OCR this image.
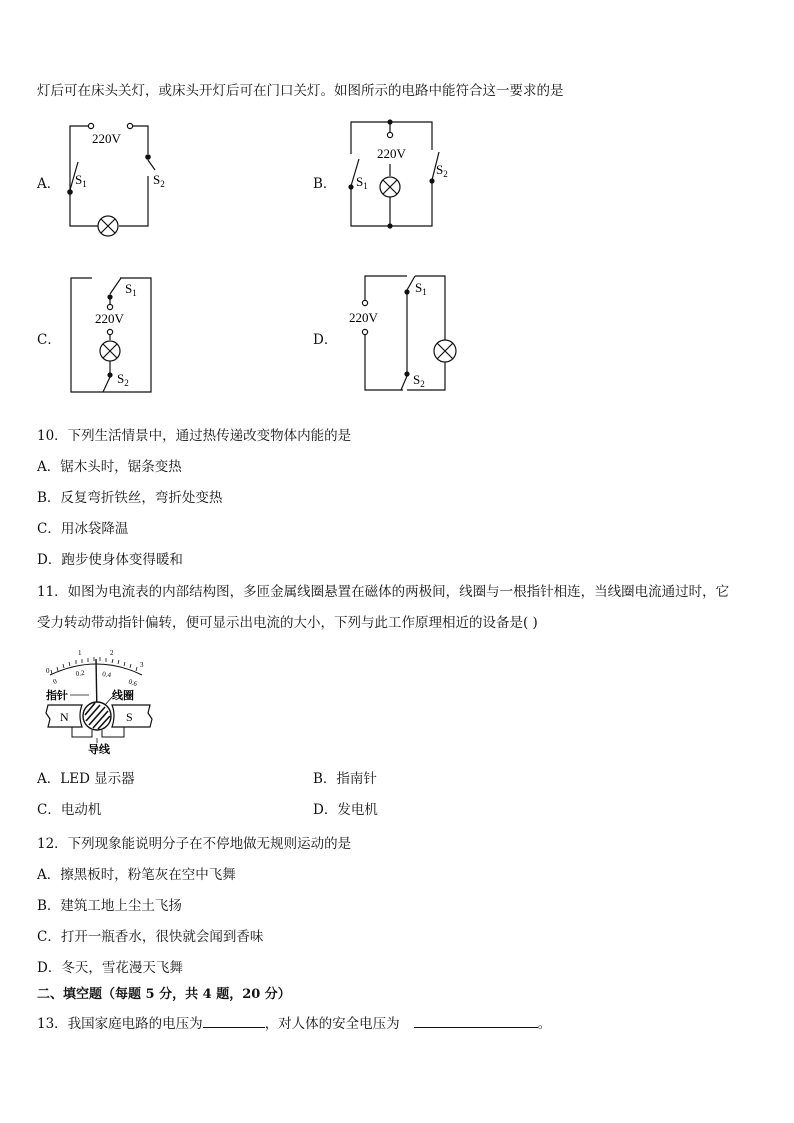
灯后可在床头关灯，或床头开灯后可在门口关灯。如图所示的电路中能符合这一要求的是
A．
220V
$S_1$	$S_2$	B．
220V
$S_1$
$S_2$
C．
$S_1$
220V
$S_2$
D．
220V
$S_1$
$S_2$
10．下列生活情景中，通过热传递改变物体内能的是
A．锯木头时，锯条变热
B．反复弯折铁丝，弯折处变热
C．用冰袋降温
D．跑步使身体变得暖和
11．如图为电流表的内部结构图，多匝金属线圈悬置在磁体的两极间，线圈与一根指针相连，当线圈电流通过时，它
受力转动带动指针偏转，便可显示出电流的大小，下列与此工作原理相近的设备是( )
0
1	2
3
0
0.2 0.4
0.6
指针	线圈
N	S
导线
A．LED 显示器	B．指南针
C．电动机	D．发电机
12．下列现象能说明分子在不停地做无规则运动的是
A．擦黑板时，粉笔灰在空中飞舞
B．建筑工地上尘土飞扬
C．打开一瓶香水，很快就会闻到香味
D．冬天，雪花漫天飞舞
二、填空题（每题 5 分，共 4 题，20 分）
13．我国家庭电路的电压为	，对人体的安全电压为	。
